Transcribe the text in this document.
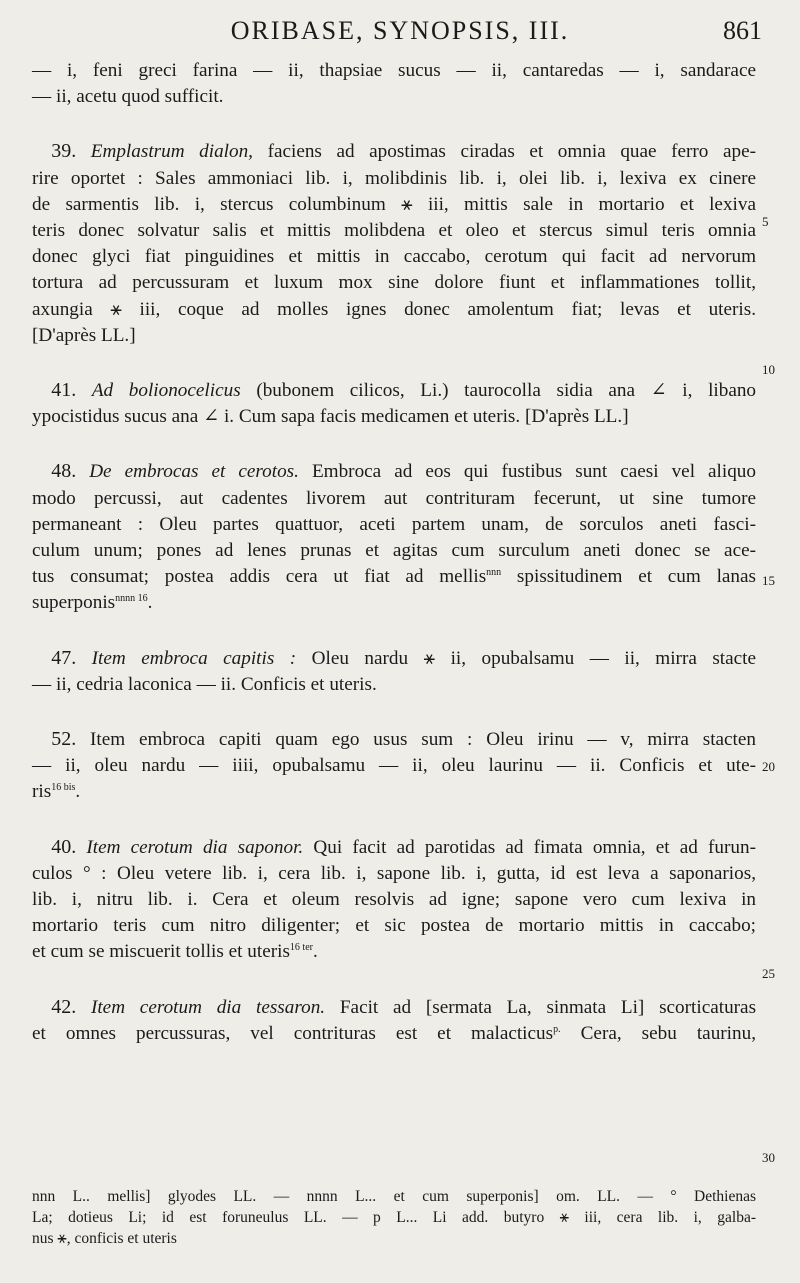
ORIBASE, SYNOPSIS, III.	861

— i, feni greci farina — ii, thapsiae sucus — ii, cantaredas — i, sandarace
— ii, acetu quod sufficit.

 39. Emplastrum dialon, faciens ad apostimas ciradas et omnia quae ferro ape-
rire oportet : Sales ammoniaci lib. i, molibdinis lib. i, olei lib. i, lexiva ex cinere
de sarmentis lib. i, stercus columbinum ⚹ iii, mittis sale in mortario et lexiva
teris donec solvatur salis et mittis molibdena et oleo et stercus simul teris omnia
donec glyci fiat pinguidines et mittis in caccabo, cerotum qui facit ad nervorum
tortura ad percussuram et luxum mox sine dolore fiunt et inflammationes tollit,
axungia ⚹ iii, coque ad molles ignes donec amolentum fiat; levas et uteris.
[D'après LL.]

 41. Ad bolionocelicus (bubonem cilicos, Li.) taurocolla sidia ana ∠ i, libano
ypocistidus sucus ana ∠ i. Cum sapa facis medicamen et uteris. [D'après LL.]

 48. De embrocas et cerotos. Embroca ad eos qui fustibus sunt caesi vel aliquo
modo percussi, aut cadentes livorem aut contrituram fecerunt, ut sine tumore
permaneant : Oleu partes quattuor, aceti partem unam, de sorculos aneti fasci-
culum unum; pones ad lenes prunas et agitas cum surculum aneti donec se ace-
tus consumat; postea addis cera ut fiat ad mellis$^{nnn}$ spissitudinem et cum lanas
superponis$^{nnnn 16}$.

 47. Item embroca capitis : Oleu nardu ⚹ ii, opubalsamu — ii, mirra stacte
— ii, cedria laconica — ii. Conficis et uteris.

 52. Item embroca capiti quam ego usus sum : Oleu irinu — v, mirra stacten
— ii, oleu nardu — iiii, opubalsamu — ii, oleu laurinu — ii. Conficis et ute-
ris$^{16 bis}$.

 40. Item cerotum dia saponor. Qui facit ad parotidas ad fimata omnia, et ad furun-
culos ° : Oleu vetere lib. i, cera lib. i, sapone lib. i, gutta, id est leva a saponarios,
lib. i, nitru lib. i. Cera et oleum resolvis ad igne; sapone vero cum lexiva in
mortario teris cum nitro diligenter; et sic postea de mortario mittis in caccabo;
et cum se miscuerit tollis et uteris$^{16 ter}$.

 42. Item cerotum dia tessaron. Facit ad [sermata La, sinmata Li] scorticaturas
et omnes percussuras, vel contrituras est et malacticus$^{p.}$ Cera, sebu taurinu,

5
10
15
20
25
30
nnn L.. mellis] glyodes LL. — nnnn L... et cum superponis] om. LL. — ° Dethienas
La; dotieus Li; id est foruneulus LL. — p L... Li add. butyro ⚹ iii, cera lib. i, galba-
nus ⚹, conficis et uteris
